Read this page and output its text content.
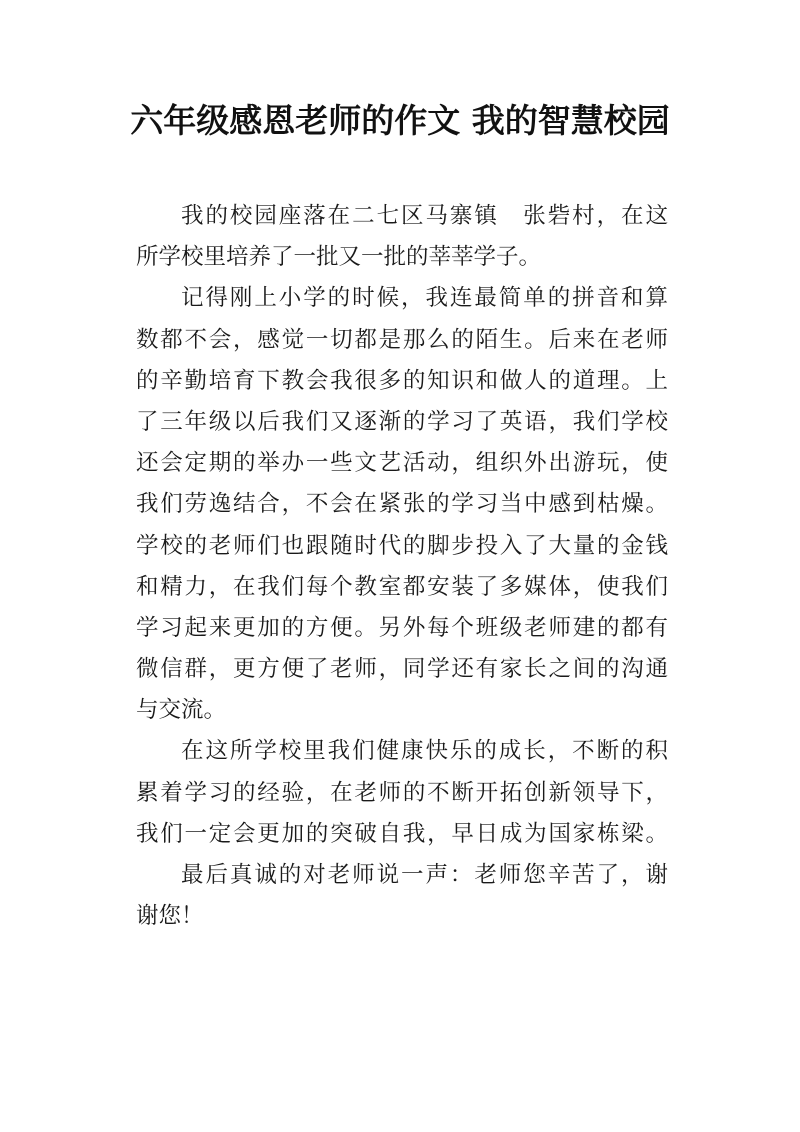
六年级感恩老师的作文 我的智慧校园
我的校园座落在二七区马寨镇　张砦村，在这
所学校里培养了一批又一批的莘莘学子。
记得刚上小学的时候，我连最简单的拼音和算
数都不会，感觉一切都是那么的陌生。后来在老师
的辛勤培育下教会我很多的知识和做人的道理。上
了三年级以后我们又逐渐的学习了英语，我们学校
还会定期的举办一些文艺活动，组织外出游玩，使
我们劳逸结合，不会在紧张的学习当中感到枯燥。
学校的老师们也跟随时代的脚步投入了大量的金钱
和精力，在我们每个教室都安装了多媒体，使我们
学习起来更加的方便。另外每个班级老师建的都有
微信群，更方便了老师，同学还有家长之间的沟通
与交流。
在这所学校里我们健康快乐的成长，不断的积
累着学习的经验，在老师的不断开拓创新领导下，
我们一定会更加的突破自我，早日成为国家栋梁。
最后真诚的对老师说一声：老师您辛苦了，谢
谢您！
